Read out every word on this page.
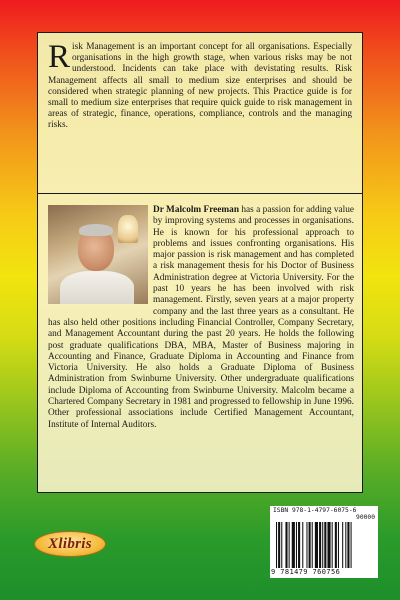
Risk Management is an important concept for all organisations. Especially organisations in the high growth stage, when various risks may be not understood. Incidents can take place with devistating results. Risk Management affects all small to medium size enterprises and should be considered when strategic planning of new projects. This Practice guide is for small to medium size enterprises that require quick guide to risk management in areas of strategic, finance, operations, compliance, controls and the managing risks.

Dr Malcolm Freeman has a passion for adding value by improving systems and processes in organisations. He is known for his professional approach to problems and issues confronting organisations. His major passion is risk management and has completed a risk management thesis for his Doctor of Business Administration degree at Victoria University. For the past 10 years he has been involved with risk management. Firstly, seven years at a major property company and the last three years as a consultant. He has also held other positions including Financial Controller, Company Secretary, and Management Accountant during the past 20 years. He holds the following post graduate qualifications DBA, MBA, Master of Business majoring in Accounting and Finance, Graduate Diploma in Accounting and Finance from Victoria University. He also holds a Graduate Diploma of Business Administration from Swinburne University. Other undergraduate qualifications include Diploma of Accounting from Swinburne University. Malcolm became a Chartered Company Secretary in 1981 and progressed to fellowship in June 1996. Other professional associations include Certified Management Accountant, Institute of Internal Auditors.

ISBN 978-1-4797-6075-6
90000
9 781479 760756
Xlibris
